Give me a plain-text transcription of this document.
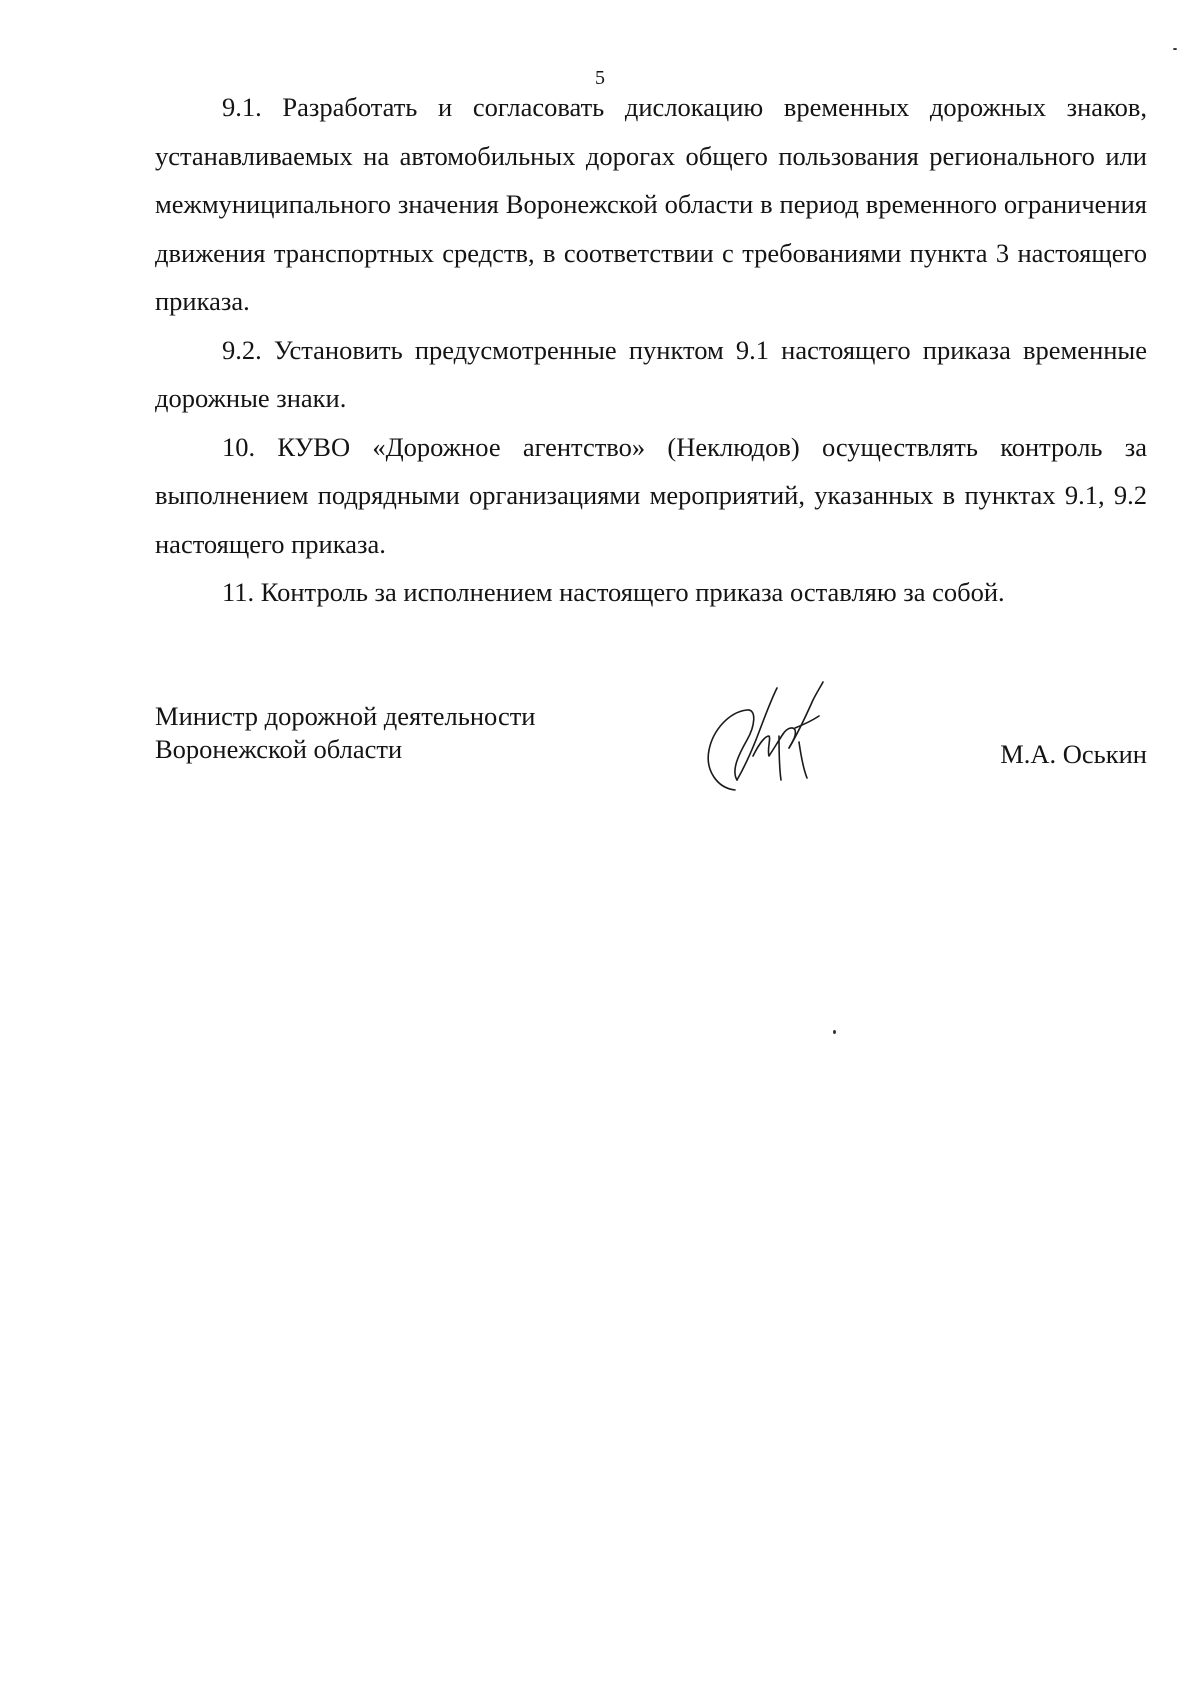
5

9.1. Разработать и согласовать дислокацию временных дорожных знаков, устанавливаемых на автомобильных дорогах общего пользования регионального или межмуниципального значения Воронежской области в период временного ограничения движения транспортных средств, в соответствии с требованиями пункта 3 настоящего приказа.

9.2. Установить предусмотренные пунктом 9.1 настоящего приказа временные дорожные знаки.

10. КУВО «Дорожное агентство» (Неклюдов) осуществлять контроль за выполнением подрядными организациями мероприятий, указанных в пунктах 9.1, 9.2 настоящего приказа.

11. Контроль за исполнением настоящего приказа оставляю за собой.

Министр дорожной деятельности
Воронежской области	М.А. Оськин
